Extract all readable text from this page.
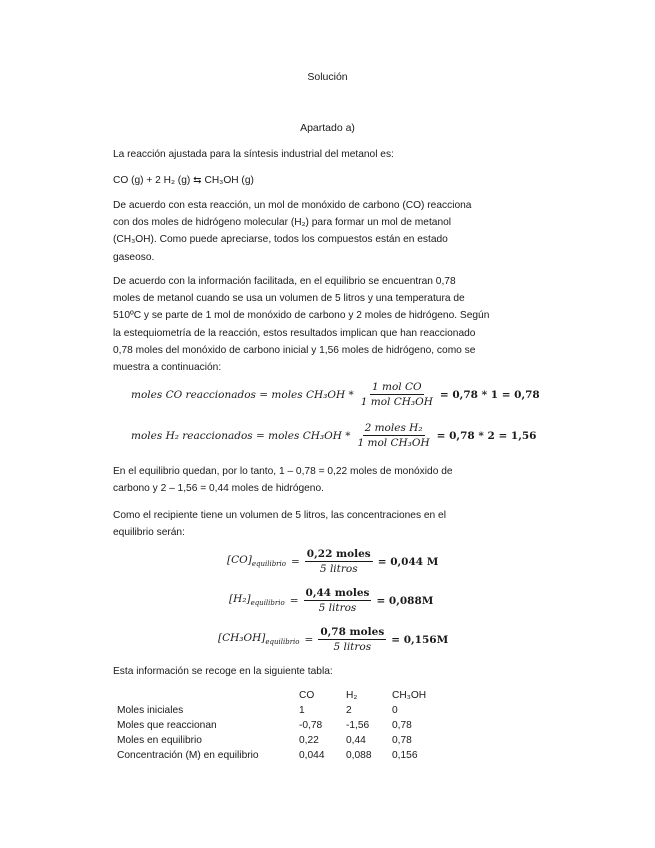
Solución
Apartado a)
La reacción ajustada para la síntesis industrial del metanol es:
CO (g) + 2 H₂ (g) ⇆ CH₃OH (g)
De acuerdo con esta reacción, un mol de monóxido de carbono (CO) reacciona
con dos moles de hidrógeno molecular (H₂) para formar un mol de metanol
(CH₃OH). Como puede apreciarse, todos los compuestos están en estado
gaseoso.
De acuerdo con la información facilitada, en el equilibrio se encuentran 0,78
moles de metanol cuando se usa un volumen de 5 litros y una temperatura de
510ºC y se parte de 1 mol de monóxido de carbono y 2 moles de hidrógeno. Según
la estequiometría de la reacción, estos resultados implican que han reaccionado
0,78 moles del monóxido de carbono inicial y 1,56 moles de hidrógeno, como se
muestra a continuación:
moles CO reaccionados = moles $CH_3OH * \frac{\text{1 mol CO}}{\text{1 mol CH₃OH}} = 0,78 * 1 = 0,78$
moles H₂ reaccionados = moles $CH_3OH * \frac{\text{2 moles H₂}}{\text{1 mol CH₃OH}} = 0,78 * 2 = 1,56$
En el equilibrio quedan, por lo tanto, 1 – 0,78 = 0,22 moles de monóxido de
carbono y 2 – 1,56 = 0,44 moles de hidrógeno.
Como el recipiente tiene un volumen de 5 litros, las concentraciones en el
equilibrio serán:
$[CO]_{equilibrio} = \frac{\text{0,22 moles}}{\text{5 litros}} = 0,044$ M
$[H_2]_{equilibrio} = \frac{\text{0,44 moles}}{\text{5 litros}} = 0,088M$
$[CH_3OH]_{equilibrio} = \frac{\text{0,78 moles}}{\text{5 litros}} = 0,156M$
Esta información se recoge en la siguiente tabla:
	CO	H₂	CH₃OH
Moles iniciales	1	2	0
Moles que reaccionan	-0,78	-1,56	0,78
Moles en equilibrio	0,22	0,44	0,78
Concentración (M) en equilibrio	0,044	0,088	0,156
